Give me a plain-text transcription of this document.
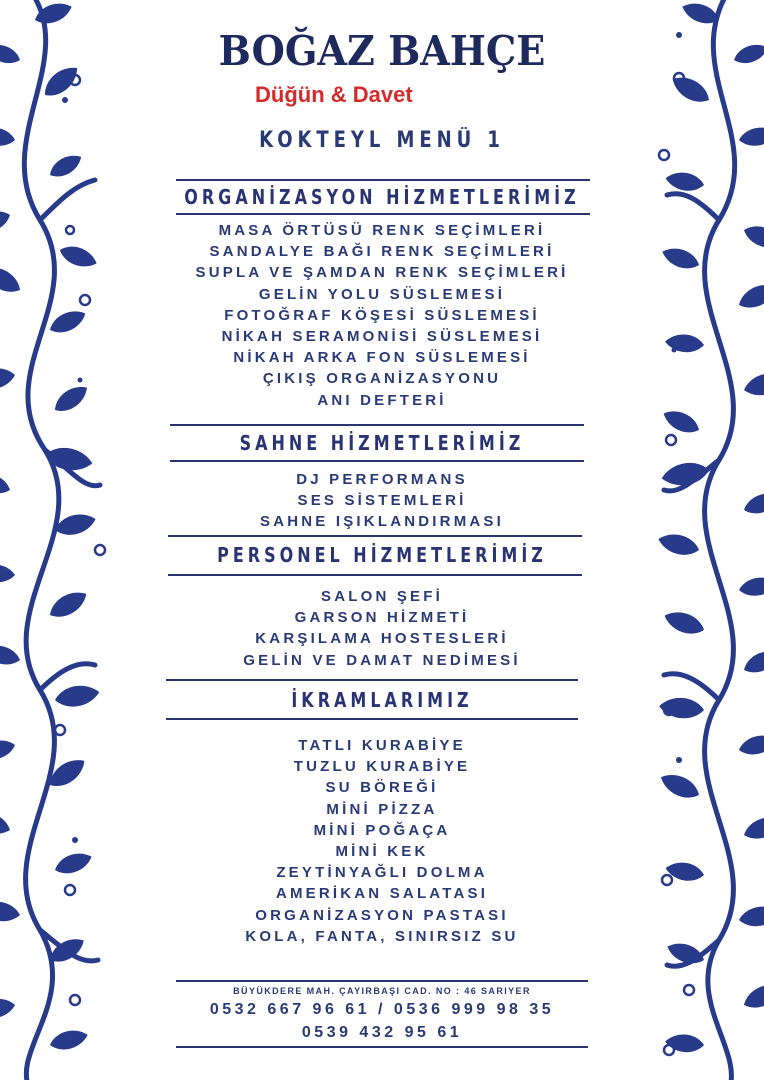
BOĞAZ BAHÇE
Düğün & Davet
KOKTEYL MENÜ 1
ORGANİZASYON HİZMETLERİMİZ
MASA ÖRTÜSÜ RENK SEÇİMLERİ
SANDALYE BAĞI RENK SEÇİMLERİ
SUPLA VE ŞAMDAN RENK SEÇİMLERİ
GELİN YOLU SÜSLEMESİ
FOTOĞRAF KÖŞESİ SÜSLEMESİ
NİKAH SERAMONİSİ SÜSLEMESİ
NİKAH ARKA FON SÜSLEMESİ
ÇIKIŞ ORGANİZASYONU
ANI DEFTERİ
SAHNE HİZMETLERİMİZ
DJ PERFORMANS
SES SİSTEMLERİ
SAHNE IŞIKLANDIRMASI
PERSONEL HİZMETLERİMİZ
SALON ŞEFİ
GARSON HİZMETİ
KARŞILAMA HOSTESLERİ
GELİN VE DAMAT NEDİMESİ
İKRAMLARIMIZ
TATLI KURABİYE
TUZLU KURABİYE
SU BÖREĞİ
MİNİ PİZZA
MİNİ POĞAÇA
MİNİ KEK
ZEYTİNYAĞLI DOLMA
AMERİKAN SALATASI
ORGANİZASYON PASTASI
KOLA, FANTA, SINIRSIZ SU
BÜYÜKDERE MAH. ÇAYIRBAŞI CAD. NO : 46 SARIYER
0532 667 96 61 / 0536 999 98 35
0539 432 95 61
